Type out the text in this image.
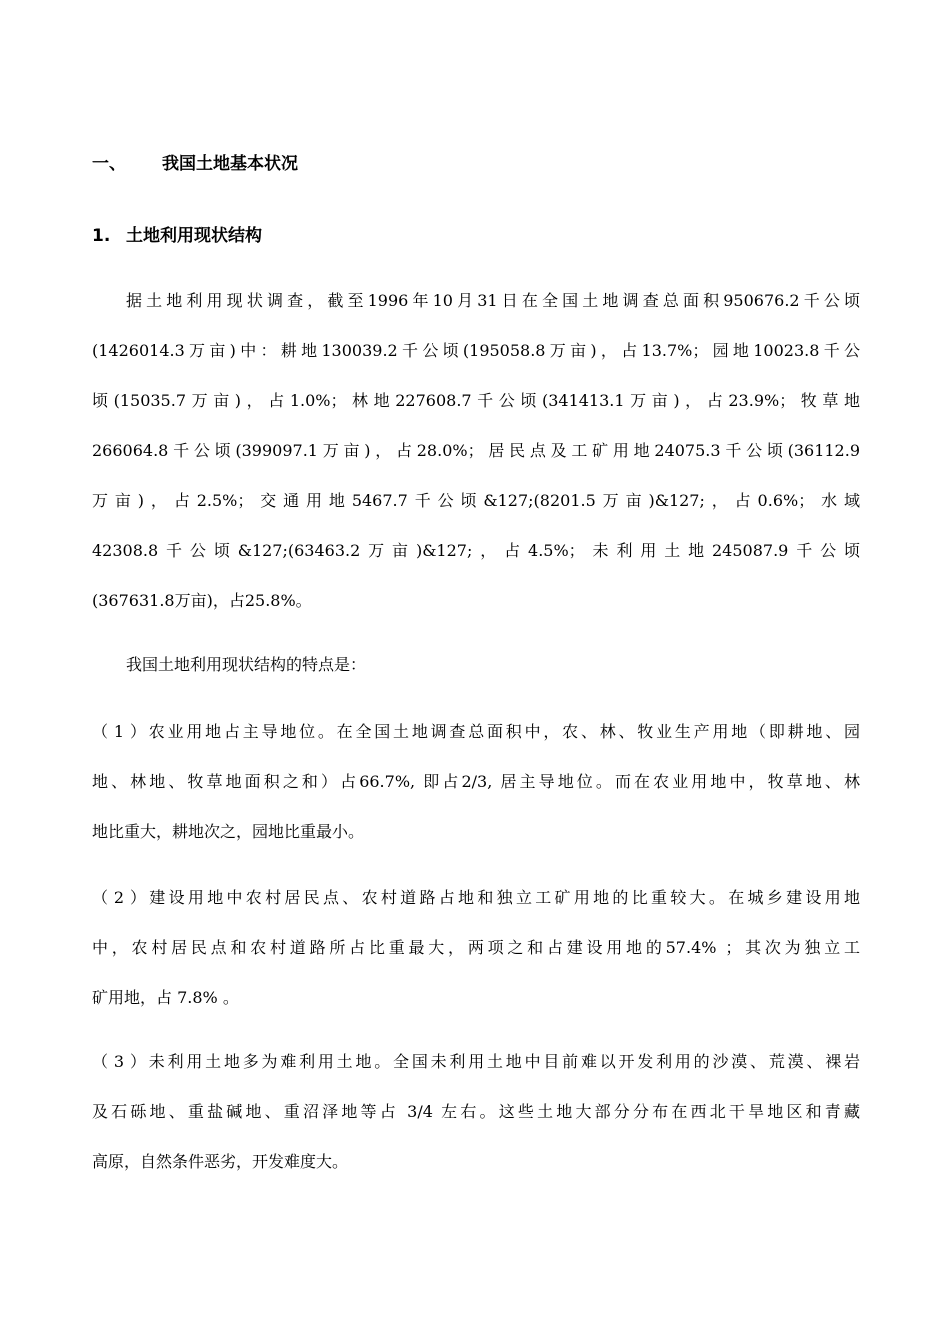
一、 我国土地基本状况
1. 土地利用现状结构
据土地利用现状调查，截至1996年10月31日在全国土地调查总面积950676.2千公顷
(1426014.3万亩)中：耕地130039.2千公顷(195058.8万亩)，占13.7%；园地10023.8千公
顷(15035.7万亩)，占1.0%；林地227608.7千公顷(341413.1万亩)，占23.9%；牧草地
266064.8千公顷(399097.1万亩)，占28.0%；居民点及工矿用地24075.3千公顷(36112.9
万亩)，占2.5%；交通用地5467.7千公顷&127;(8201.5万亩)&127;，占0.6%；水域
42308.8千公顷&127;(63463.2万亩)&127;，占4.5%；未利用土地245087.9千公顷
(367631.8万亩)，占25.8%。
我国土地利用现状结构的特点是：
（1）农业用地占主导地位。在全国土地调查总面积中，农、林、牧业生产用地（即耕地、园
地、林地、牧草地面积之和）占66.7%, 即占2/3, 居主导地位。而在农业用地中，牧草地、林
地比重大，耕地次之，园地比重最小。
（2）建设用地中农村居民点、农村道路占地和独立工矿用地的比重较大。在城乡建设用地
中，农村居民点和农村道路所占比重最大，两项之和占建设用地的57.4% ；其次为独立工
矿用地，占 7.8% 。
（3）未利用土地多为难利用土地。全国未利用土地中目前难以开发利用的沙漠、荒漠、裸岩
及石砾地、重盐碱地、重沼泽地等占 3/4 左右。这些土地大部分分布在西北干旱地区和青藏
高原，自然条件恶劣，开发难度大。
